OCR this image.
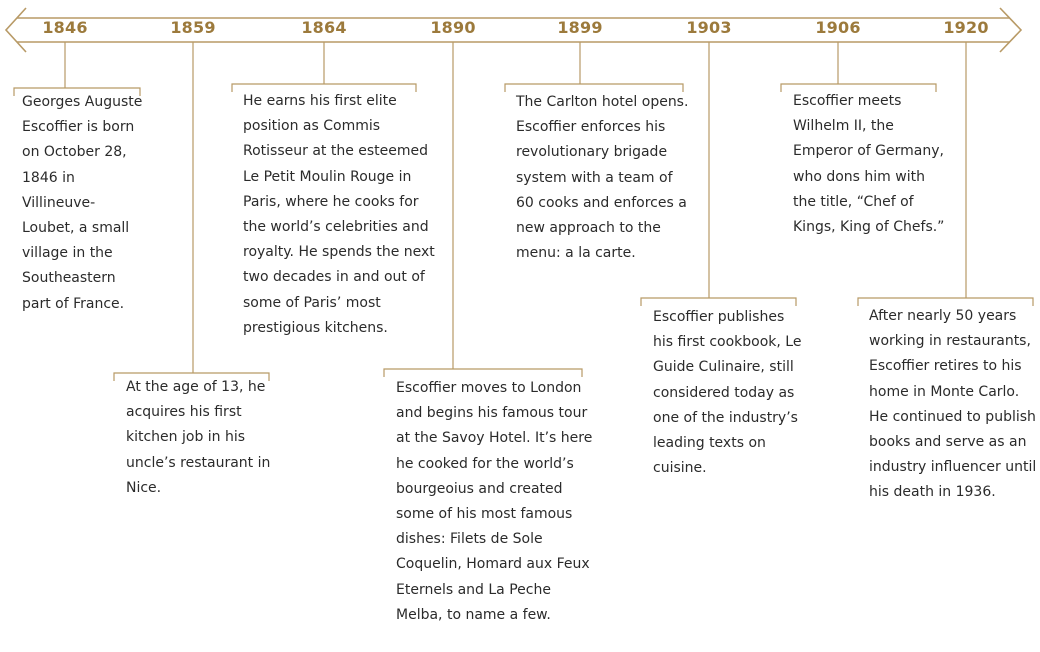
1846	1859	1864	1890	1899	1903	1906	1920
Georges Auguste
Escoffier is born
on October 28,
1846 in
Villineuve-
Loubet, a small
village in the
Southeastern
part of France.
At the age of 13, he
acquires his first
kitchen job in his
uncle’s restaurant in
Nice.
He earns his first elite
position as Commis
Rotisseur at the esteemed
Le Petit Moulin Rouge in
Paris, where he cooks for
the world’s celebrities and
royalty. He spends the next
two decades in and out of
some of Paris’ most
prestigious kitchens.
Escoffier moves to London
and begins his famous tour
at the Savoy Hotel. It’s here
he cooked for the world’s
bourgeoius and created
some of his most famous
dishes: Filets de Sole
Coquelin, Homard aux Feux
Eternels and La Peche
Melba, to name a few.
The Carlton hotel opens.
Escoffier enforces his
revolutionary brigade
system with a team of
60 cooks and enforces a
new approach to the
menu: a la carte.
Escoffier publishes
his first cookbook, Le
Guide Culinaire, still
considered today as
one of the industry’s
leading texts on
cuisine.
Escoffier meets
Wilhelm II, the
Emperor of Germany,
who dons him with
the title, “Chef of
Kings, King of Chefs.”
After nearly 50 years
working in restaurants,
Escoffier retires to his
home in Monte Carlo.
He continued to publish
books and serve as an
industry influencer until
his death in 1936.
